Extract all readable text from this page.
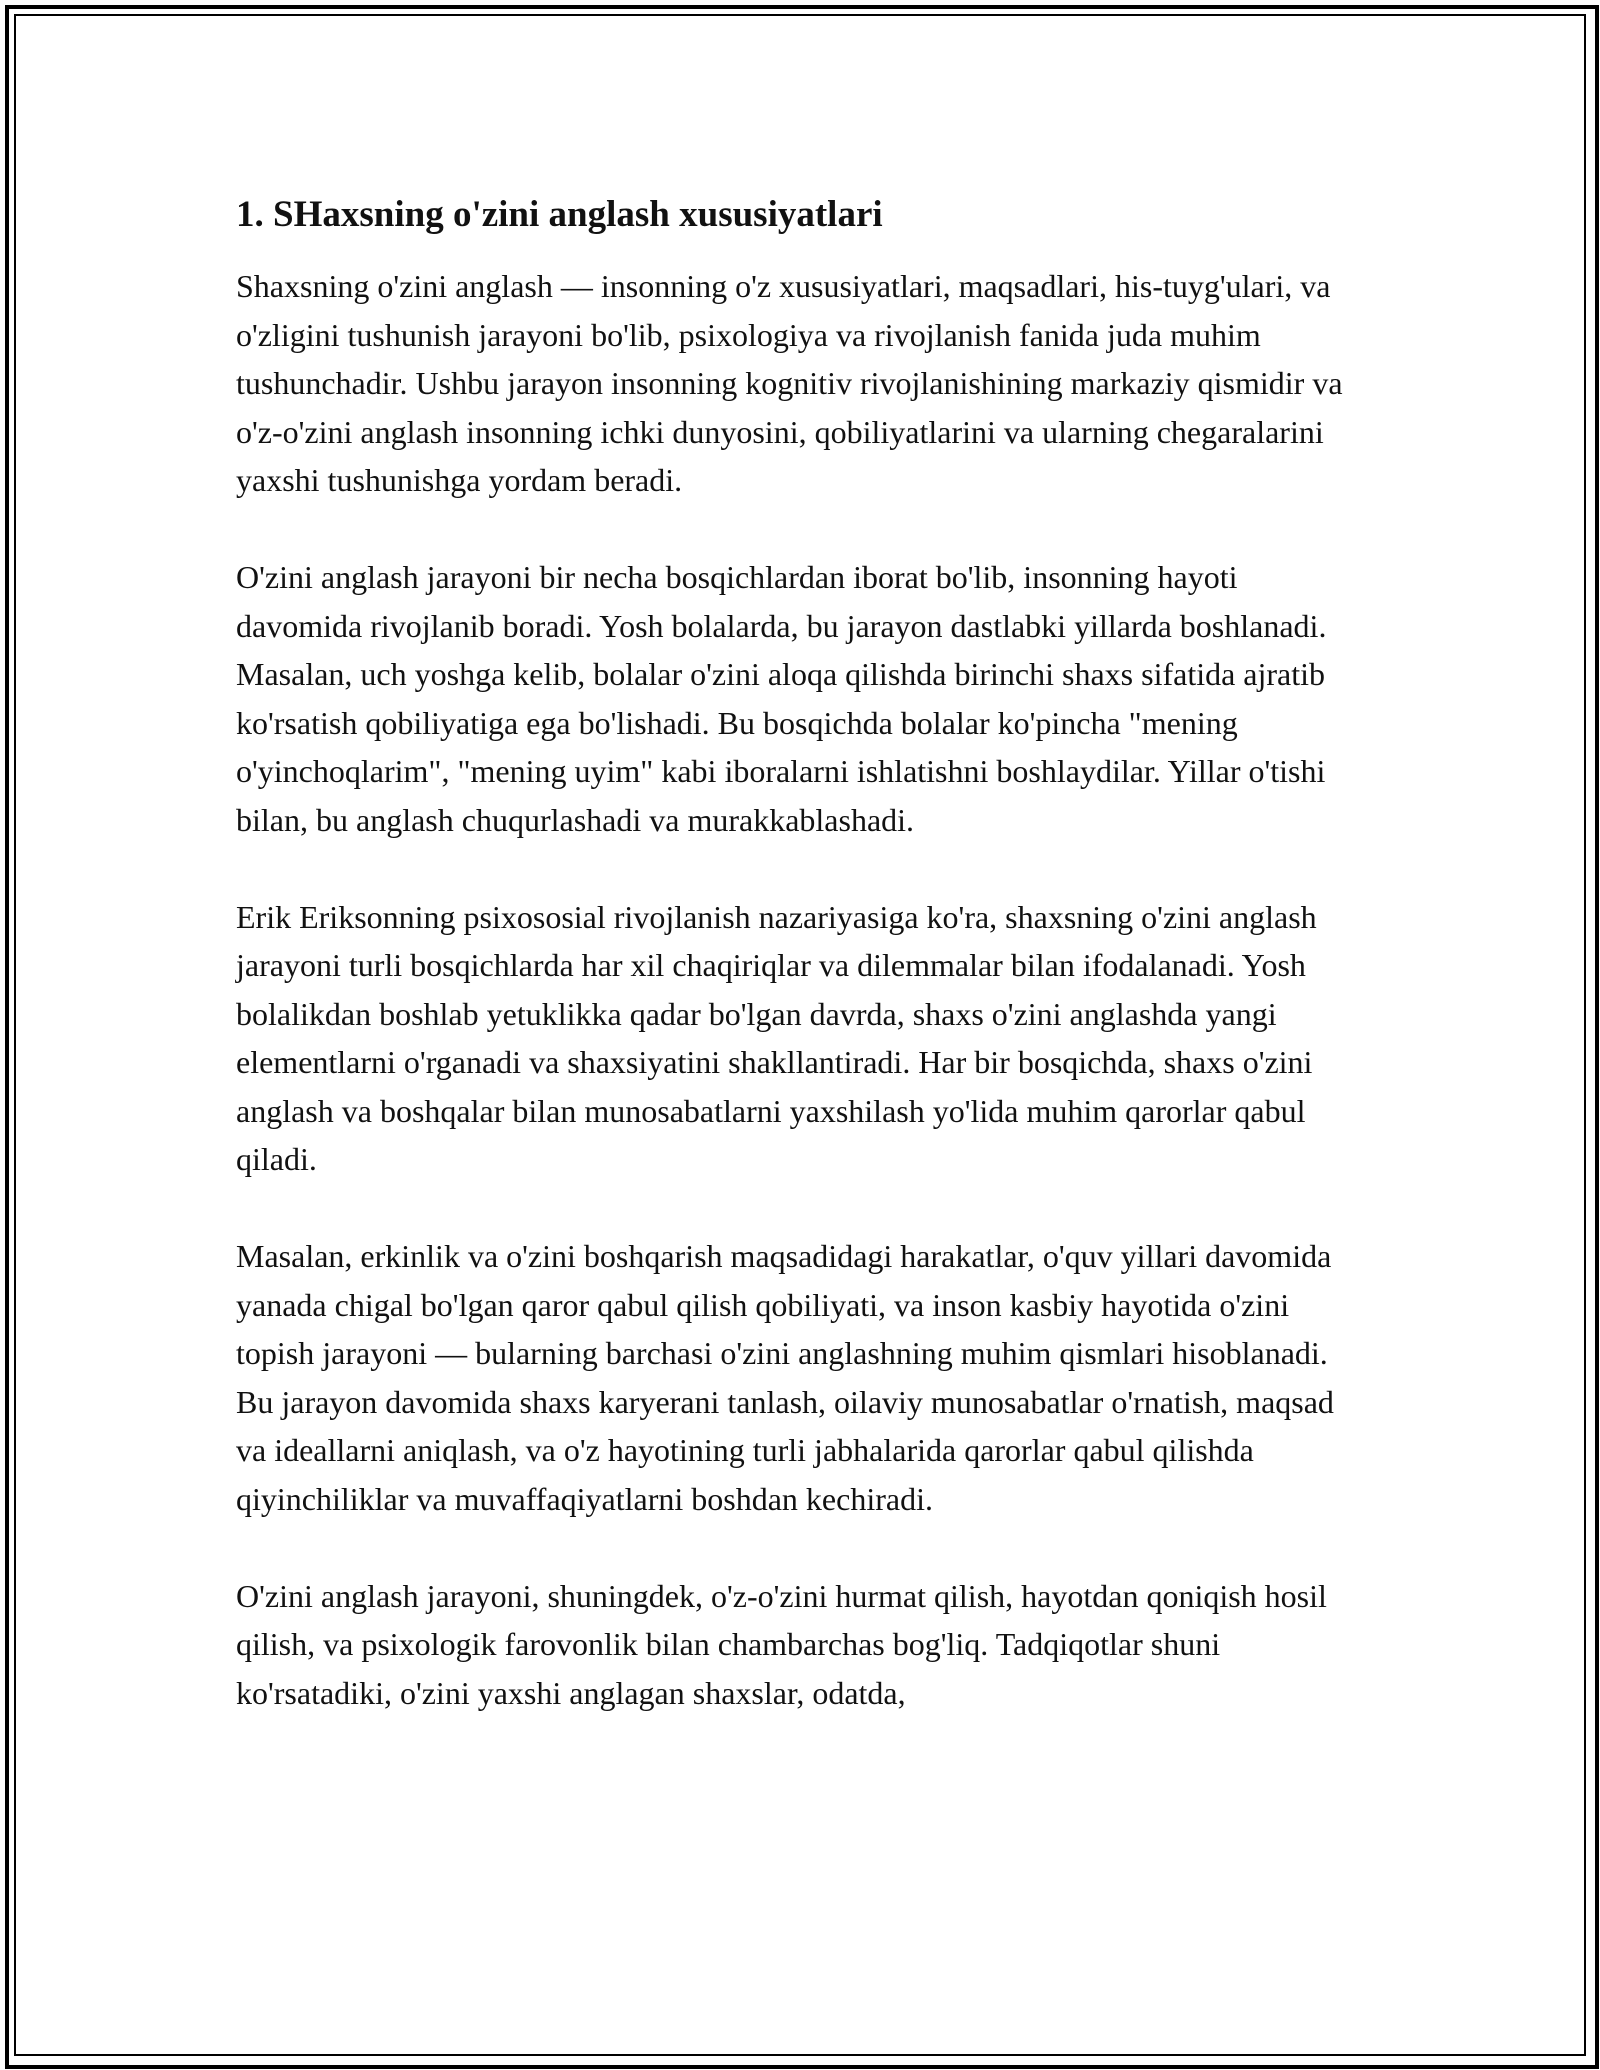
1. SHaxsning o'zini anglash xususiyatlari

Shaxsning o'zini anglash — insonning o'z xususiyatlari, maqsadlari, his-tuyg'ulari, va o'zligini tushunish jarayoni bo'lib, psixologiya va rivojlanish fanida juda muhim tushunchadir. Ushbu jarayon insonning kognitiv rivojlanishining markaziy qismidir va o'z-o'zini anglash insonning ichki dunyosini, qobiliyatlarini va ularning chegaralarini yaxshi tushunishga yordam beradi.

O'zini anglash jarayoni bir necha bosqichlardan iborat bo'lib, insonning hayoti davomida rivojlanib boradi. Yosh bolalarda, bu jarayon dastlabki yillarda boshlanadi. Masalan, uch yoshga kelib, bolalar o'zini aloqa qilishda birinchi shaxs sifatida ajratib ko'rsatish qobiliyatiga ega bo'lishadi. Bu bosqichda bolalar ko'pincha "mening o'yinchoqlarim", "mening uyim" kabi iboralarni ishlatishni boshlaydilar. Yillar o'tishi bilan, bu anglash chuqurlashadi va murakkablashadi.

Erik Eriksonning psixososial rivojlanish nazariyasiga ko'ra, shaxsning o'zini anglash jarayoni turli bosqichlarda har xil chaqiriqlar va dilemmalar bilan ifodalanadi. Yosh bolalikdan boshlab yetuklikka qadar bo'lgan davrda, shaxs o'zini anglashda yangi elementlarni o'rganadi va shaxsiyatini shakllantiradi. Har bir bosqichda, shaxs o'zini anglash va boshqalar bilan munosabatlarni yaxshilash yo'lida muhim qarorlar qabul qiladi.

Masalan, erkinlik va o'zini boshqarish maqsadidagi harakatlar, o'quv yillari davomida yanada chigal bo'lgan qaror qabul qilish qobiliyati, va inson kasbiy hayotida o'zini topish jarayoni — bularning barchasi o'zini anglashning muhim qismlari hisoblanadi. Bu jarayon davomida shaxs karyerani tanlash, oilaviy munosabatlar o'rnatish, maqsad va ideallarni aniqlash, va o'z hayotining turli jabhalarida qarorlar qabul qilishda qiyinchiliklar va muvaffaqiyatlarni boshdan kechiradi.

O'zini anglash jarayoni, shuningdek, o'z-o'zini hurmat qilish, hayotdan qoniqish hosil qilish, va psixologik farovonlik bilan chambarchas bog'liq. Tadqiqotlar shuni ko'rsatadiki, o'zini yaxshi anglagan shaxslar, odatda,
